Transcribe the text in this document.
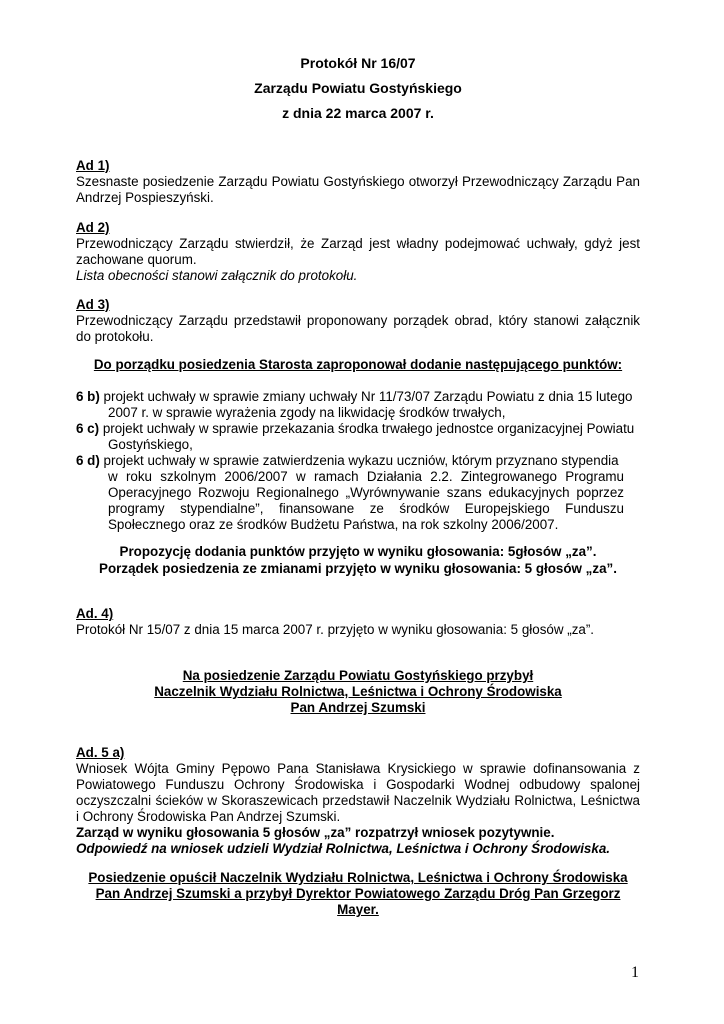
Protokół Nr 16/07
Zarządu Powiatu Gostyńskiego
z dnia 22 marca 2007 r.
Ad 1)
Szesnaste posiedzenie Zarządu Powiatu Gostyńskiego otworzył Przewodniczący Zarządu Pan Andrzej Pospieszyński.
Ad 2)
Przewodniczący Zarządu stwierdził, że Zarząd jest władny podejmować uchwały, gdyż jest zachowane quorum.
Lista obecności stanowi załącznik do protokołu.
Ad 3)
Przewodniczący Zarządu przedstawił proponowany porządek obrad, który stanowi załącznik do protokołu.
Do porządku posiedzenia Starosta zaproponował dodanie następującego punktów:
6 b) projekt uchwały w sprawie zmiany uchwały Nr 11/73/07 Zarządu Powiatu z dnia 15 lutego
2007 r. w sprawie wyrażenia zgody na likwidację środków trwałych,
6 c) projekt uchwały w sprawie przekazania środka trwałego jednostce organizacyjnej Powiatu
Gostyńskiego,
6 d) projekt uchwały w sprawie zatwierdzenia wykazu uczniów, którym przyznano stypendia
w roku szkolnym 2006/2007 w ramach Działania 2.2. Zintegrowanego Programu Operacyjnego Rozwoju Regionalnego „Wyrównywanie szans edukacyjnych poprzez programy stypendialne”, finansowane ze środków Europejskiego Funduszu Społecznego oraz ze środków Budżetu Państwa, na rok szkolny 2006/2007.
Propozycję dodania punktów przyjęto w wyniku głosowania: 5głosów „za”.
Porządek posiedzenia ze zmianami przyjęto w wyniku głosowania: 5 głosów „za”.
Ad. 4)
Protokół Nr 15/07 z dnia 15 marca 2007 r. przyjęto w wyniku głosowania: 5 głosów „za”.
Na posiedzenie Zarządu Powiatu Gostyńskiego przybył
Naczelnik Wydziału Rolnictwa, Leśnictwa i Ochrony Środowiska
Pan Andrzej Szumski
Ad. 5 a)
Wniosek Wójta Gminy Pępowo Pana Stanisława Krysickiego w sprawie dofinansowania z Powiatowego Funduszu Ochrony Środowiska i Gospodarki Wodnej odbudowy spalonej oczyszczalni ścieków w Skoraszewicach przedstawił Naczelnik Wydziału Rolnictwa, Leśnictwa i Ochrony Środowiska Pan Andrzej Szumski.
Zarząd w wyniku głosowania 5 głosów „za” rozpatrzył wniosek pozytywnie.
Odpowiedź na wniosek udzieli Wydział Rolnictwa, Leśnictwa i Ochrony Środowiska.
Posiedzenie opuścił Naczelnik Wydziału Rolnictwa, Leśnictwa i Ochrony Środowiska
Pan Andrzej Szumski a przybył Dyrektor Powiatowego Zarządu Dróg Pan Grzegorz
Mayer.
1
